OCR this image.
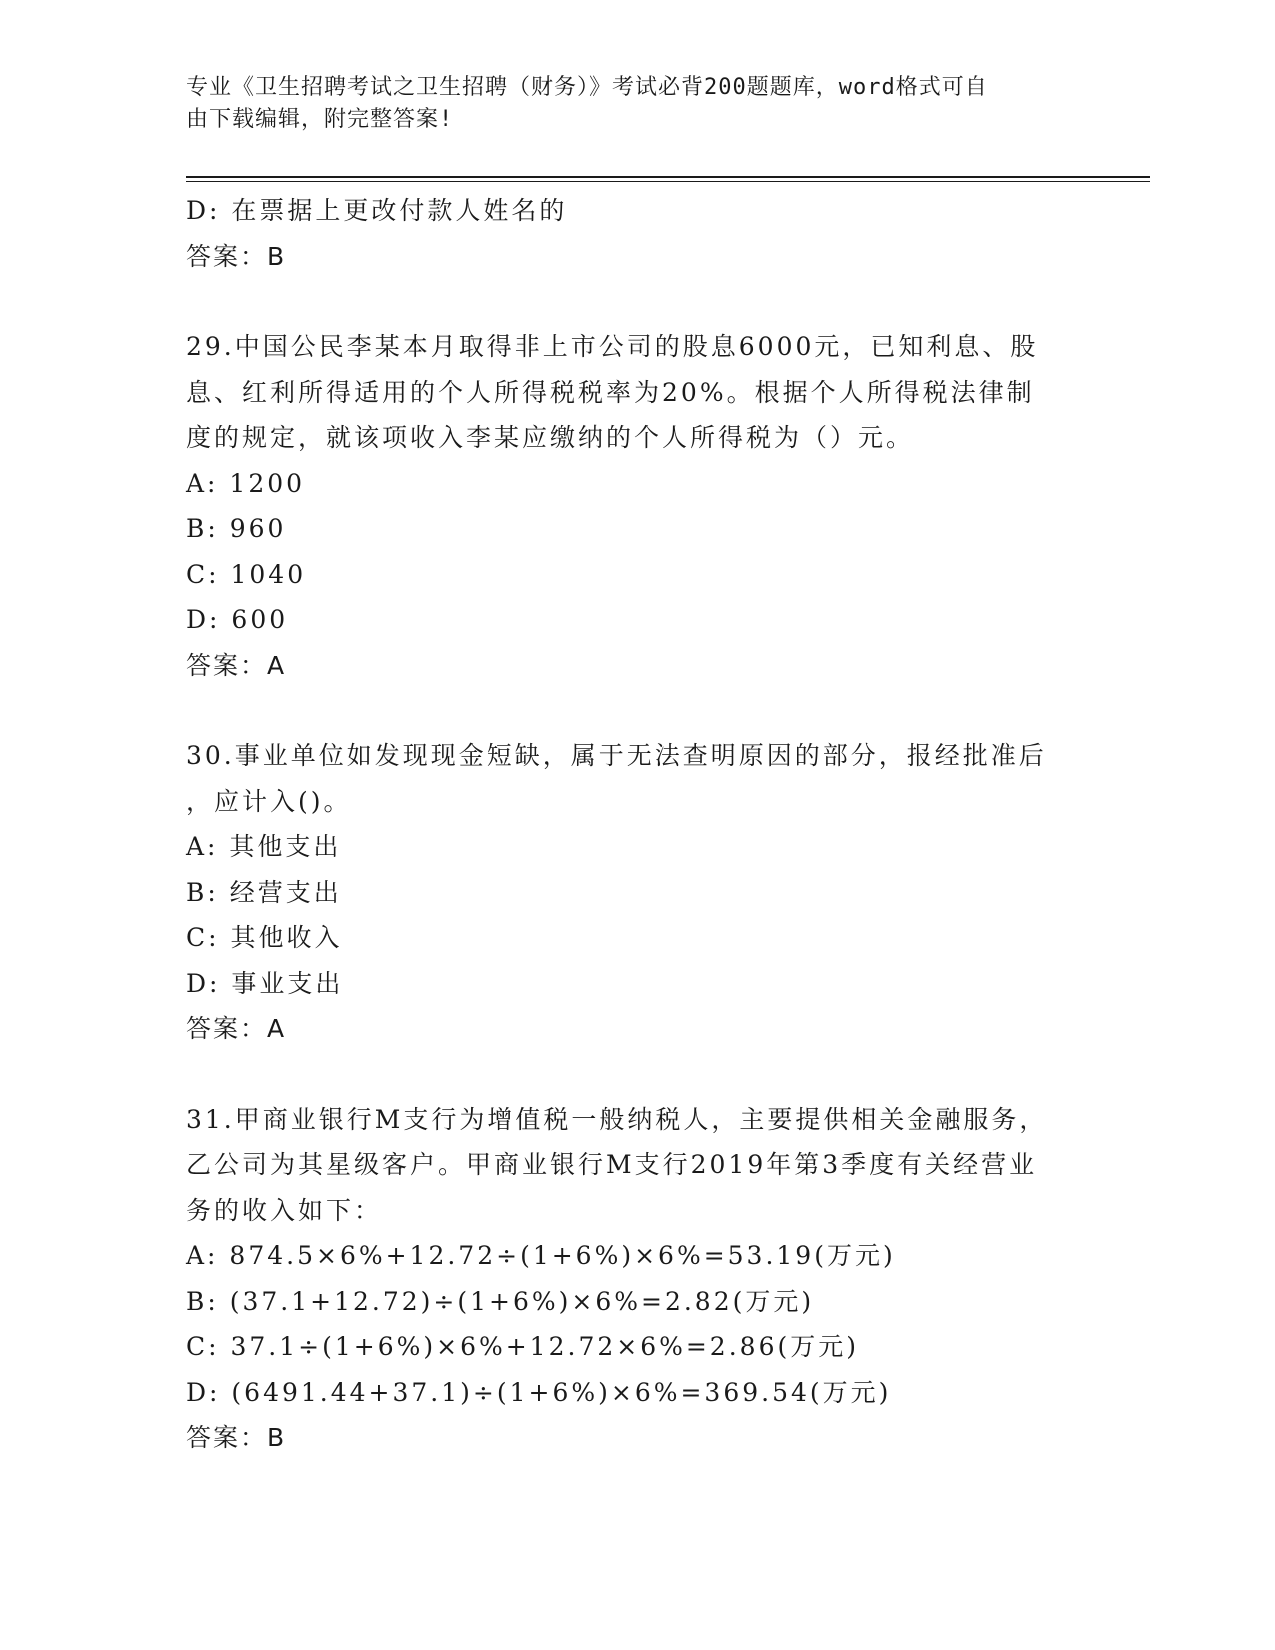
专业《卫生招聘考试之卫生招聘（财务）》考试必背200题题库，word格式可自
由下载编辑，附完整答案!
D: 在票据上更改付款人姓名的
答案：B
29.中国公民李某本月取得非上市公司的股息6000元，已知利息、股
息、红利所得适用的个人所得税税率为20%。根据个人所得税法律制
度的规定，就该项收入李某应缴纳的个人所得税为（）元。
A: 1200
B: 960
C: 1040
D: 600
答案：A
30.事业单位如发现现金短缺，属于无法查明原因的部分，报经批准后
，应计入()。
A: 其他支出
B: 经营支出
C: 其他收入
D: 事业支出
答案：A
31.甲商业银行M支行为增值税一般纳税人，主要提供相关金融服务，
乙公司为其星级客户。甲商业银行M支行2019年第3季度有关经营业
务的收入如下：
A: 874.5×6%+12.72÷(1+6%)×6%=53.19(万元)
B: (37.1+12.72)÷(1+6%)×6%=2.82(万元)
C: 37.1÷(1+6%)×6%+12.72×6%=2.86(万元)
D: (6491.44+37.1)÷(1+6%)×6%=369.54(万元)
答案：B
